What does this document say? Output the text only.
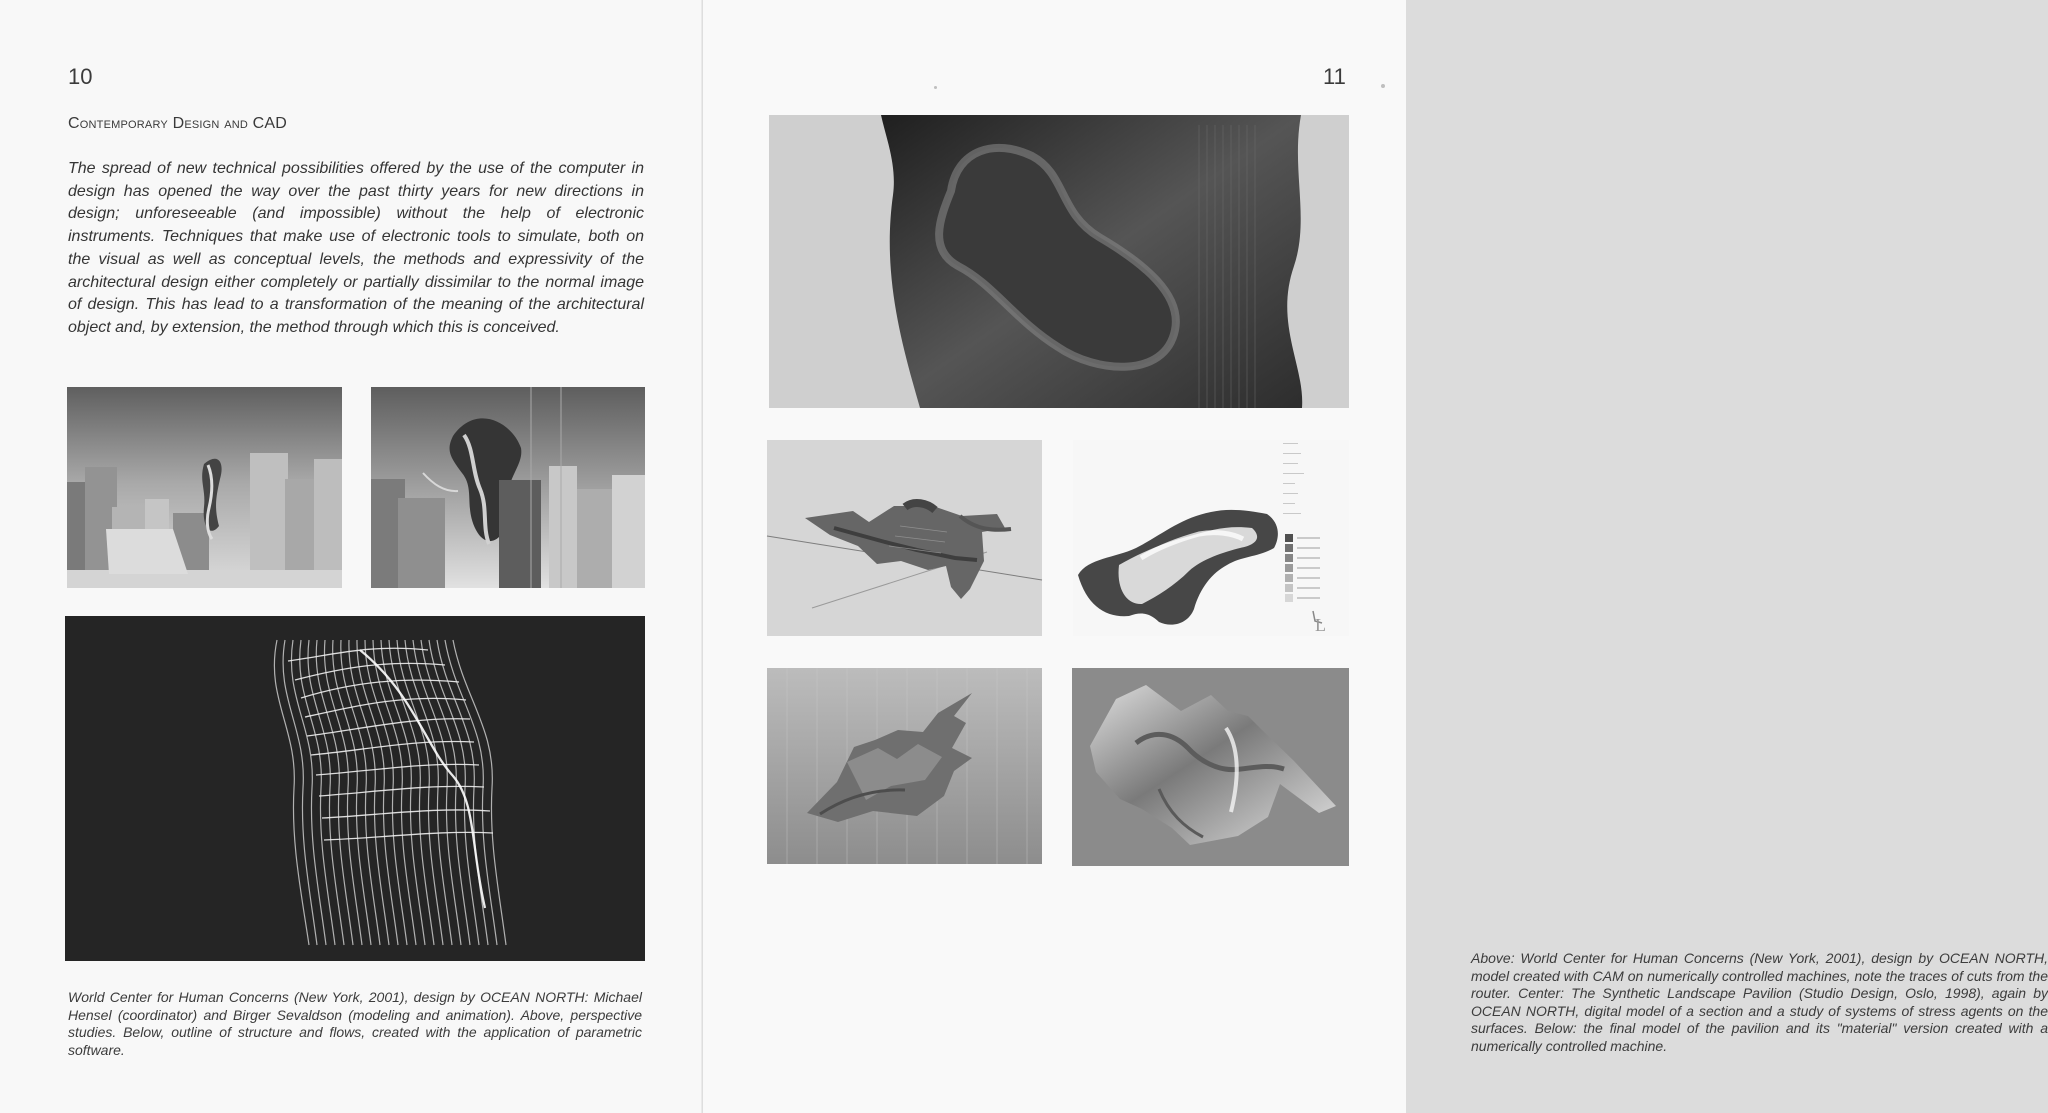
10
Contemporary Design and CAD

The spread of new technical possibilities offered by the use of the computer in design has opened the way over the past thirty years for new directions in design; unforeseeable (and impossible) without the help of electronic instruments. Techniques that make use of electronic tools to simulate, both on the visual as well as conceptual levels, the methods and expressivity of the architectural design either completely or partially dissimilar to the normal image of design. This has lead to a transformation of the meaning of the architectural object and, by extension, the method through which this is conceived.

World Center for Human Concerns (New York, 2001), design by OCEAN NORTH: Michael Hensel (coordinator) and Birger Sevaldson (modeling and animation). Above, perspective studies. Below, outline of structure and flows, created with the application of parametric software.

11
─────
──────
─────
───────
────
─────
────
──────

Above: World Center for Human Concerns (New York, 2001), design by OCEAN NORTH, model created with CAM on numerically controlled machines, note the traces of cuts from the router. Center: The Synthetic Landscape Pavilion (Studio Design, Oslo, 1998), again by OCEAN NORTH, digital model of a section and a study of systems of stress agents on the surfaces. Below: the final model of the pavilion and its "material" version created with a numerically controlled machine.

L
